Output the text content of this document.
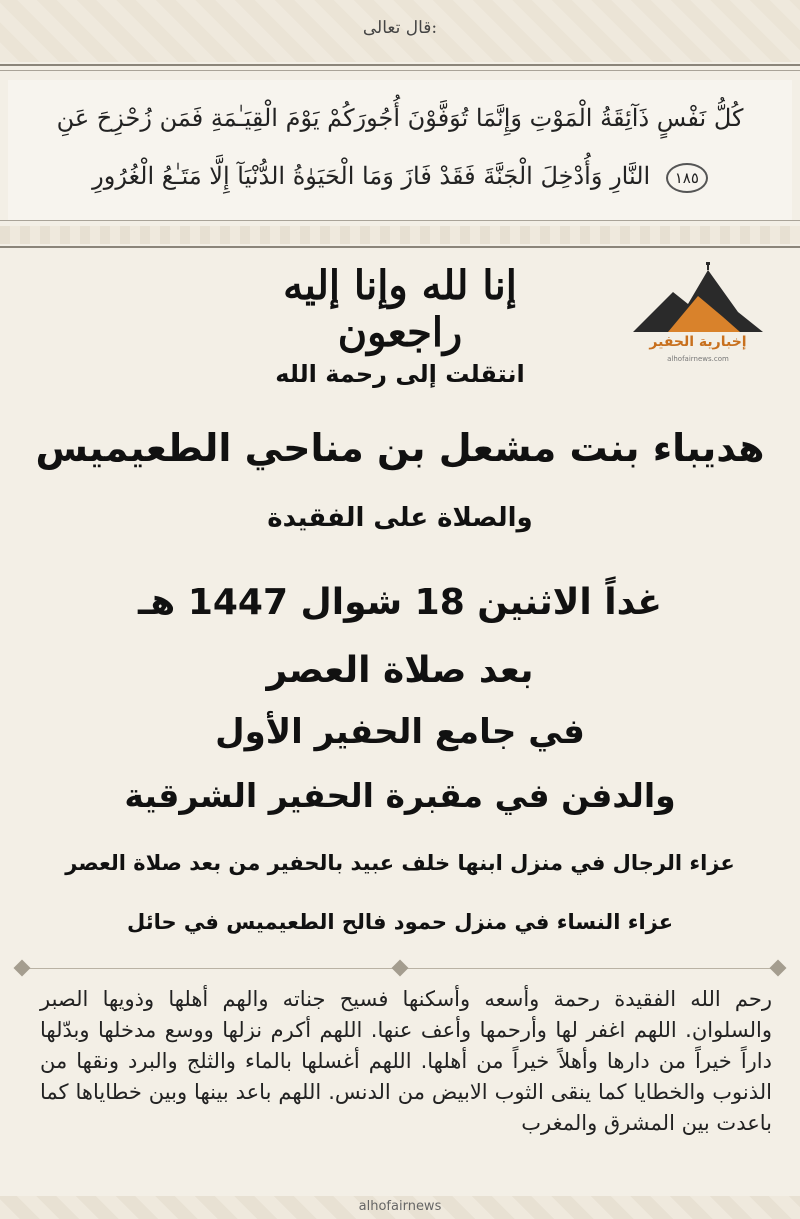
قال تعالى:
كُلُّ نَفْسٍ ذَآئِقَةُ الْمَوْتِ وَإِنَّمَا تُوَفَّوْنَ أُجُورَكُمْ يَوْمَ الْقِيَـٰمَةِ فَمَن زُحْزِحَ عَنِ
النَّارِ وَأُدْخِلَ الْجَنَّةَ فَقَدْ فَازَ وَمَا الْحَيَوٰةُ الدُّنْيَآ إِلَّا مَتَـٰعُ الْغُرُورِ ١٨٥
إخبارية الحفير
alhofairnews.com
إنا لله وإنا إليه راجعون
انتقلت إلى رحمة الله
هديباء بنت مشعل بن مناحي الطعيميس
والصلاة على الفقيدة
غداً الاثنين 18 شوال 1447 هـ
بعد صلاة العصر
في جامع الحفير الأول
والدفن في مقبرة الحفير الشرقية
عزاء الرجال في منزل ابنها خلف عبيد بالحفير من بعد صلاة العصر
عزاء النساء في منزل حمود فالح الطعيميس في حائل
رحم الله الفقيدة رحمة وأسعه وأسكنها فسيح جناته والهم أهلها وذويها الصبر والسلوان. اللهم اغفر لها وأرحمها وأعف عنها. اللهم أكرم نزلها ووسع مدخلها وبدّلها داراً خيراً من دارها وأهلاً خيراً من أهلها. اللهم أغسلها بالماء والثلج والبرد ونقها من الذنوب والخطايا كما ينقى الثوب الابيض من الدنس. اللهم باعد بينها وبين خطاياها كما باعدت بين المشرق والمغرب
alhofairnews
